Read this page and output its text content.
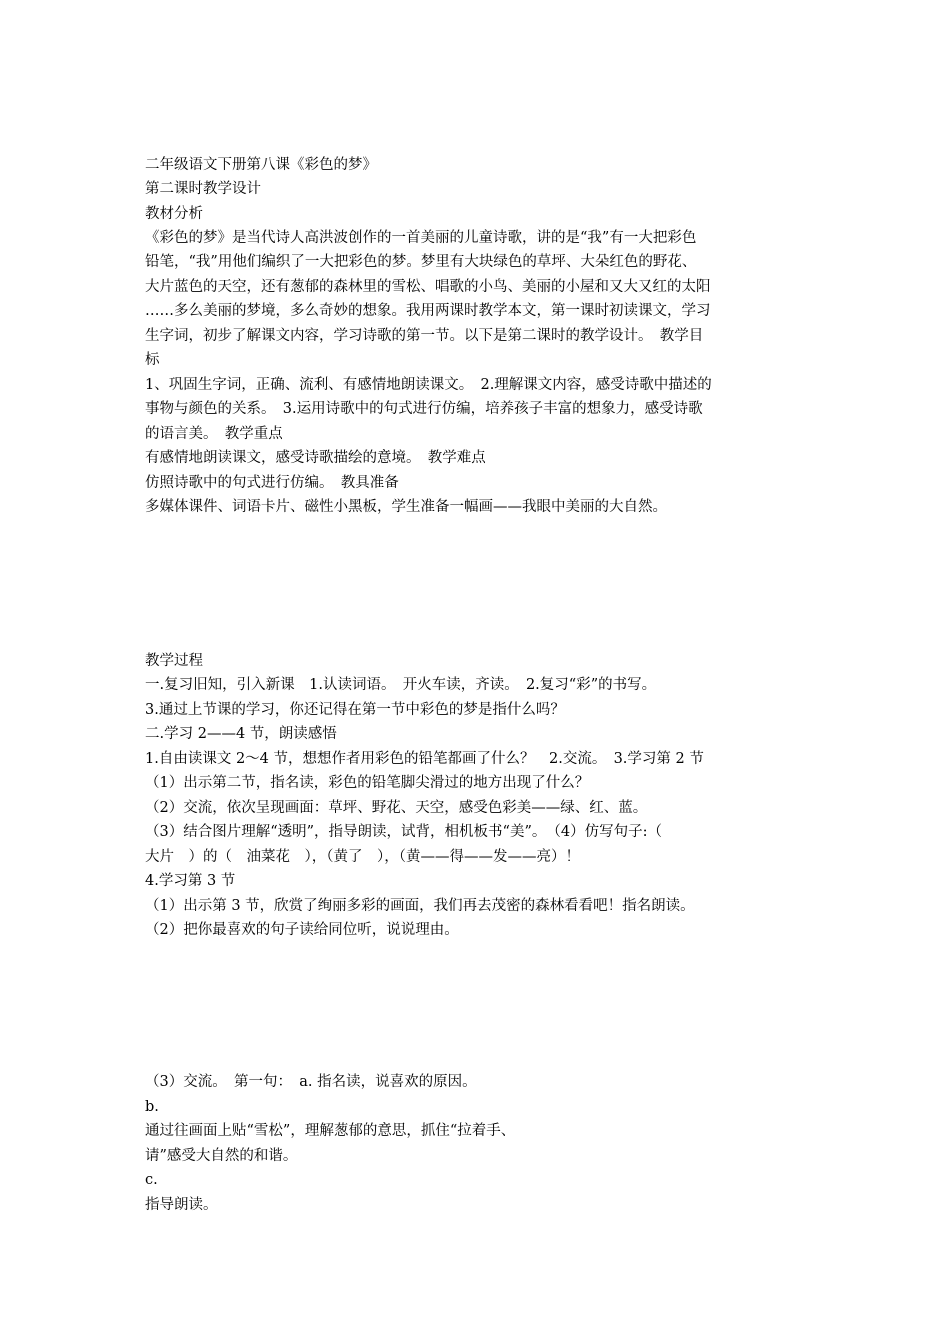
二年级语文下册第八课《彩色的梦》
第二课时教学设计
教材分析
《彩色的梦》是当代诗人高洪波创作的一首美丽的儿童诗歌，讲的是“我”有一大把彩色
铅笔，“我”用他们编织了一大把彩色的梦。梦里有大块绿色的草坪、大朵红色的野花、
大片蓝色的天空，还有葱郁的森林里的雪松、唱歌的小鸟、美丽的小屋和又大又红的太阳
……多么美丽的梦境，多么奇妙的想象。我用两课时教学本文，第一课时初读课文，学习
生字词，初步了解课文内容，学习诗歌的第一节。以下是第二课时的教学设计。　教学目
标
1、巩固生字词，正确、流利、有感情地朗读课文。　2.理解课文内容，感受诗歌中描述的
事物与颜色的关系。　3.运用诗歌中的句式进行仿编，培养孩子丰富的想象力，感受诗歌
的语言美。　教学重点
有感情地朗读课文，感受诗歌描绘的意境。　教学难点
仿照诗歌中的句式进行仿编。　教具准备
多媒体课件、词语卡片、磁性小黑板，学生准备一幅画——我眼中美丽的大自然。
教学过程
一.复习旧知，引入新课　1.认读词语。　开火车读，齐读。　2.复习“彩”的书写。
3.通过上节课的学习，你还记得在第一节中彩色的梦是指什么吗？
二.学习 2——4 节，朗读感悟
1.自由读课文 2～4 节，想想作者用彩色的铅笔都画了什么？　2.交流。　3.学习第 2 节
（1）出示第二节，指名读，彩色的铅笔脚尖滑过的地方出现了什么？
（2）交流，依次呈现画面：草坪、野花、天空，感受色彩美——绿、红、蓝。
（3）结合图片理解“透明”，指导朗读，试背，相机板书“美”。　（4）仿写句子:（
大片　）的（　油菜花　），（黄了　），（黄——得——发——亮）！
4.学习第 3 节
（1）出示第 3 节，欣赏了绚丽多彩的画面，我们再去茂密的森林看看吧！指名朗读。
（2）把你最喜欢的句子读给同位听，说说理由。
（3）交流。　第一句：　a. 指名读，说喜欢的原因。
b.
通过往画面上贴“雪松”，理解葱郁的意思，抓住“拉着手、
请”感受大自然的和谐。
c.
指导朗读。
